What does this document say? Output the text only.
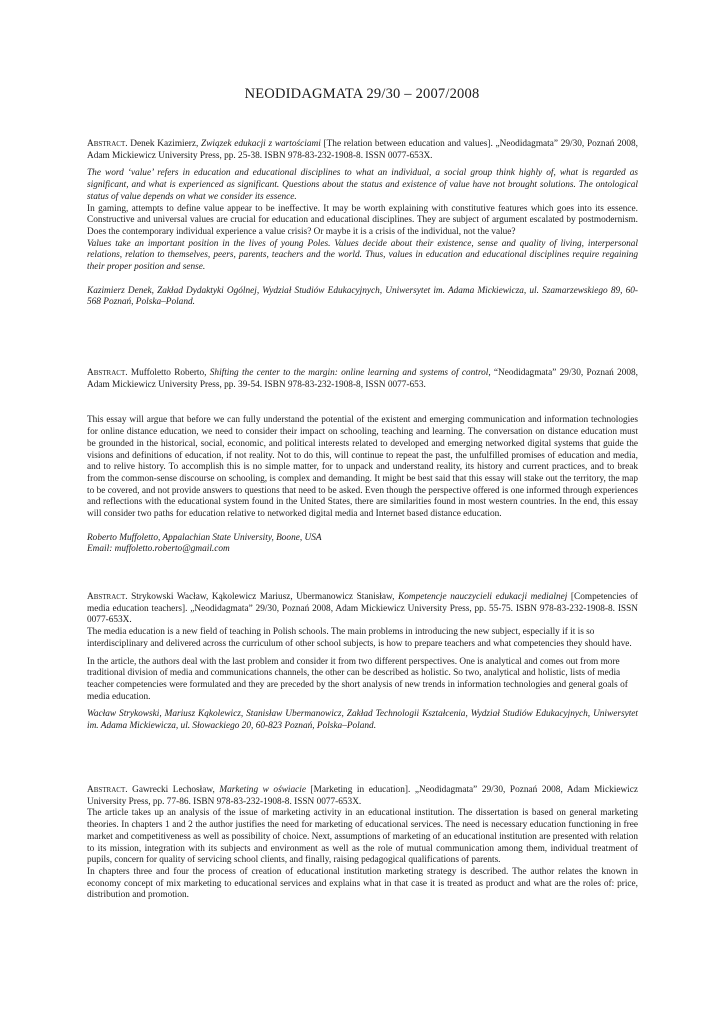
NEODIDAGMATA 29/30 – 2007/2008

Abstract. Denek Kazimierz, Związek edukacji z wartościami [The relation between education and values]. „Neodidagmata” 29/30, Poznań 2008, Adam Mickiewicz University Press, pp. 25-38. ISBN 978-83-232-1908-8. ISSN 0077-653X.

The word ‘value’ refers in education and educational disciplines to what an individual, a social group think highly of, what is regarded as significant, and what is experienced as significant. Questions about the status and existence of value have not brought solutions. The ontological status of value depends on what we consider its essence.

In gaming, attempts to define value appear to be ineffective. It may be worth explaining with constitutive features which goes into its essence. Constructive and universal values are crucial for education and educational disciplines. They are subject of argument escalated by postmodernism. Does the contemporary individual experience a value crisis? Or maybe it is a crisis of the individual, not the value?

Values take an important position in the lives of young Poles. Values decide about their existence, sense and quality of living, interpersonal relations, relation to themselves, peers, parents, teachers and the world. Thus, values in education and educational disciplines require regaining their proper position and sense.

Kazimierz Denek, Zakład Dydaktyki Ogólnej, Wydział Studiów Edukacyjnych, Uniwersytet im. Adama Mickiewicza, ul. Szamarzewskiego 89, 60-568 Poznań, Polska–Poland.

Abstract. Muffoletto Roberto, Shifting the center to the margin: online learning and systems of control, “Neodidagmata” 29/30, Poznań 2008, Adam Mickiewicz University Press, pp. 39-54. ISBN 978-83-232-1908-8, ISSN 0077-653.

This essay will argue that before we can fully understand the potential of the existent and emerging communication and information technologies for online distance education, we need to consider their impact on schooling, teaching and learning. The conversation on distance education must be grounded in the historical, social, economic, and political interests related to developed and emerging networked digital systems that guide the visions and definitions of education, if not reality. Not to do this, will continue to repeat the past, the unfulfilled promises of education and media, and to relive history. To accomplish this is no simple matter, for to unpack and understand reality, its history and current practices, and to break from the common-sense discourse on schooling, is complex and demanding. It might be best said that this essay will stake out the territory, the map to be covered, and not provide answers to questions that need to be asked. Even though the perspective offered is one informed through experiences and reflections with the educational system found in the United States, there are similarities found in most western countries. In the end, this essay will consider two paths for education relative to networked digital media and Internet based distance education.

Roberto Muffoletto, Appalachian State University, Boone, USA

Email: muffoletto.roberto@gmail.com

Abstract. Strykowski Wacław, Kąkolewicz Mariusz, Ubermanowicz Stanisław, Kompetencje nauczycieli edukacji medialnej [Competencies of media education teachers]. „Neodidagmata” 29/30, Poznań 2008, Adam Mickiewicz University Press, pp. 55-75. ISBN 978-83-232-1908-8. ISSN 0077-653X.

The media education is a new field of teaching in Polish schools. The main problems in introducing the new subject, especially if it is so interdisciplinary and delivered across the curriculum of other school subjects, is how to prepare teachers and what competencies they should have.

In the article, the authors deal with the last problem and consider it from two different perspectives. One is analytical and comes out from more traditional division of media and communications channels, the other can be described as holistic. So two, analytical and holistic, lists of media teacher competencies were formulated and they are preceded by the short analysis of new trends in information technologies and general goals of media education.

Wacław Strykowski, Mariusz Kąkolewicz, Stanisław Ubermanowicz, Zakład Technologii Kształcenia, Wydział Studiów Edukacyjnych, Uniwersytet im. Adama Mickiewicza, ul. Słowackiego 20, 60-823 Poznań, Polska–Poland.

Abstract. Gawrecki Lechosław, Marketing w oświacie [Marketing in education]. „Neodidagmata” 29/30, Poznań 2008, Adam Mickiewicz University Press, pp. 77-86. ISBN 978-83-232-1908-8. ISSN 0077-653X.

The article takes up an analysis of the issue of marketing activity in an educational institution. The dissertation is based on general marketing theories. In chapters 1 and 2 the author justifies the need for marketing of educational services. The need is necessary education functioning in free market and competitiveness as well as possibility of choice. Next, assumptions of marketing of an educational institution are presented with relation to its mission, integration with its subjects and environment as well as the role of mutual communication among them, individual treatment of pupils, concern for quality of servicing school clients, and finally, raising pedagogical qualifications of parents.

In chapters three and four the process of creation of educational institution marketing strategy is described. The author relates the known in economy concept of mix marketing to educational services and explains what in that case it is treated as product and what are the roles of: price, distribution and promotion.
